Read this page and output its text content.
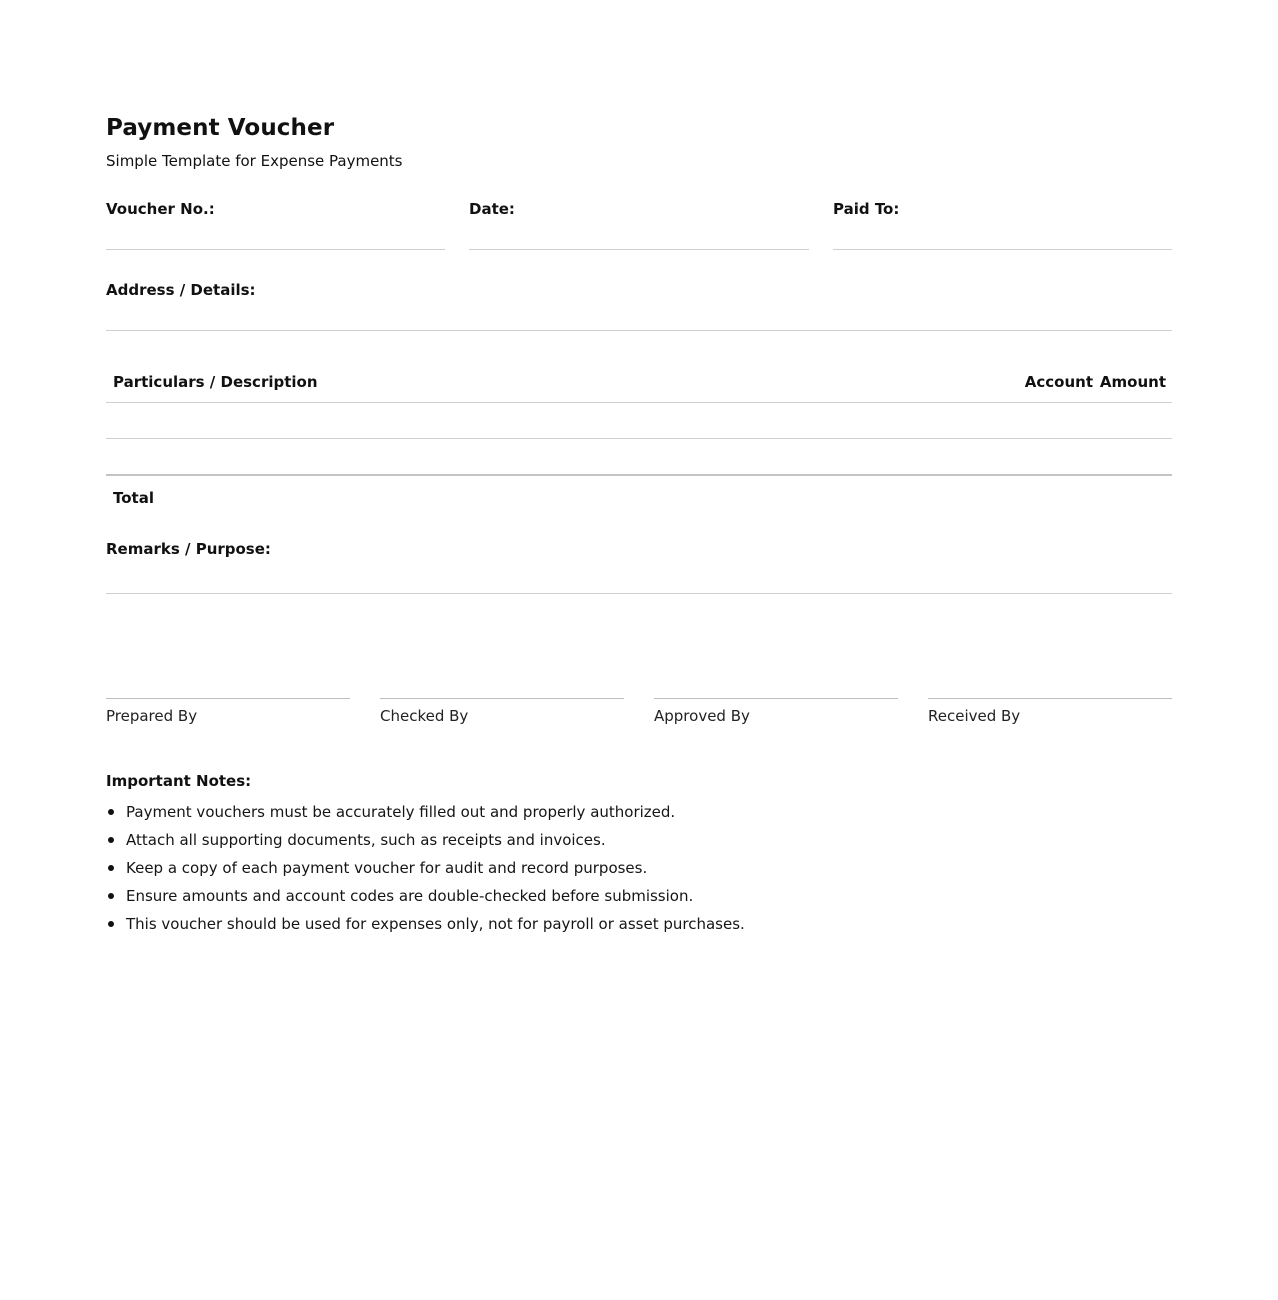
Payment Voucher

Simple Template for Expense Payments

Voucher No.:	Date:	Paid To:
Address / Details:
Particulars / Description	Account Amount
Total
Remarks / Purpose:
Prepared By	Checked By	Approved By	Received By
Important Notes:
Payment vouchers must be accurately filled out and properly authorized.
Attach all supporting documents, such as receipts and invoices.
Keep a copy of each payment voucher for audit and record purposes.
Ensure amounts and account codes are double-checked before submission.
This voucher should be used for expenses only, not for payroll or asset purchases.
